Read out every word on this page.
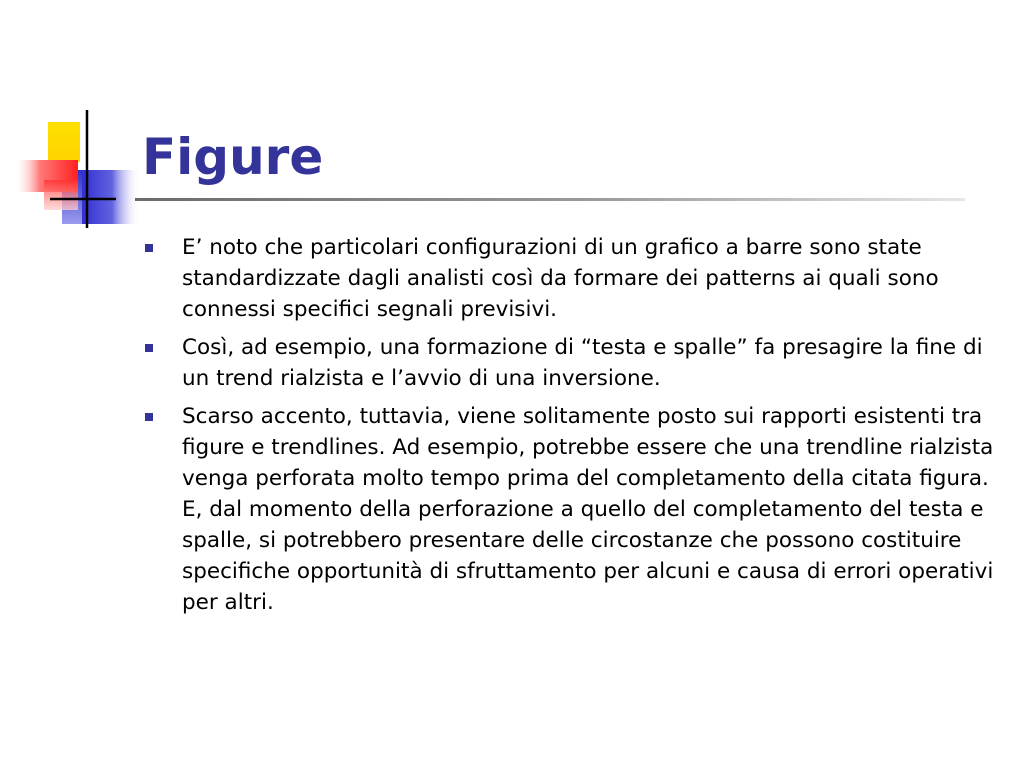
Figure
E’ noto che particolari configurazioni di un grafico a barre sono state standardizzate dagli analisti così da formare dei patterns ai quali sono connessi specifici segnali previsivi.
Così, ad esempio, una formazione di “testa e spalle” fa presagire la fine di un trend rialzista e l’avvio di una inversione.
Scarso accento, tuttavia, viene solitamente posto sui rapporti esistenti tra figure e trendlines. Ad esempio, potrebbe essere che una trendline rialzista venga perforata molto tempo prima del completamento della citata figura. E, dal momento della perforazione a quello del completamento del testa e spalle, si potrebbero presentare delle circostanze che possono costituire specifiche opportunità di sfruttamento per alcuni e causa di errori operativi per altri.
